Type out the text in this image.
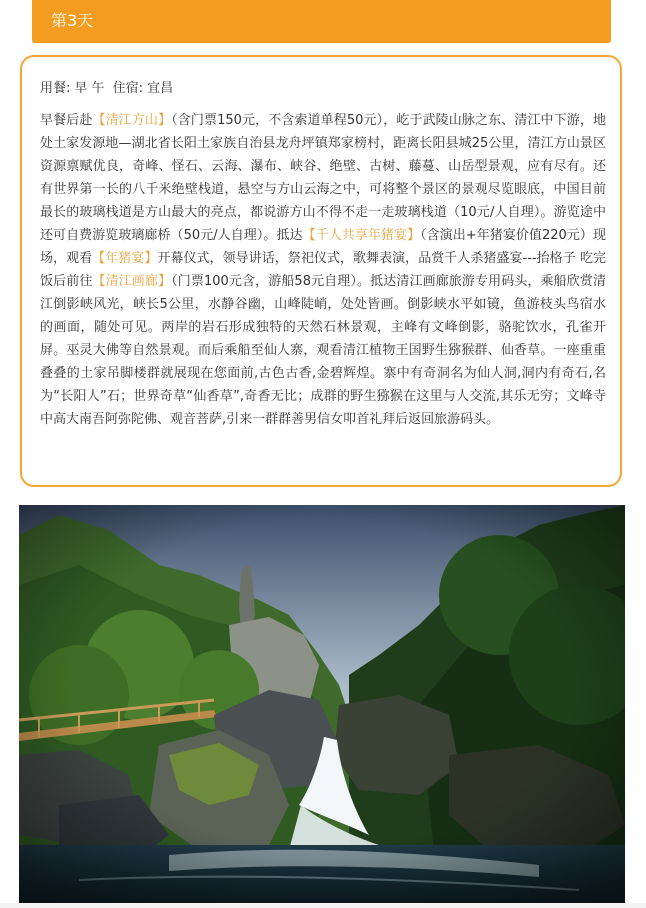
第3天
用餐: 早 午 住宿: 宜昌
早餐后赴【清江方山】（含门票150元，不含索道单程50元），屹于武陵山脉之东、清江中下游，地处土家发源地—湖北省长阳土家族自治县龙舟坪镇郑家榜村，距离长阳县城25公里，清江方山景区资源禀赋优良，奇峰、怪石、云海、瀑布、峡谷、绝壁、古树、藤蔓、山岳型景观，应有尽有。还有世界第一长的八千米绝壁栈道，悬空与方山云海之中，可将整个景区的景观尽览眼底，中国目前最长的玻璃栈道是方山最大的亮点，都说游方山不得不走一走玻璃栈道（10元/人自理）。游览途中还可自费游览玻璃廊桥（50元/人自理）。抵达【千人共享年猪宴】（含演出+年猪宴价值220元）现场，观看【年猪宴】开幕仪式，领导讲话，祭祀仪式，歌舞表演，品赏千人杀猪盛宴---抬格子 吃完饭后前往【清江画廊】（门票100元含，游船58元自理）。抵达清江画廊旅游专用码头，乘船欣赏清江倒影峡风光，峡长5公里，水静谷幽，山峰陡峭，处处皆画。倒影峡水平如镜，鱼游枝头鸟宿水的画面，随处可见。两岸的岩石形成独特的天然石林景观，主峰有文峰倒影，骆驼饮水，孔雀开屏。巫灵大佛等自然景观。而后乘船至仙人寨，观看清江植物王国野生猕猴群、仙香草。一座重重叠叠的土家吊脚楼群就展现在您面前,古色古香,金碧辉煌。寨中有奇洞名为仙人洞,洞内有奇石,名为“长阳人”石；世界奇草“仙香草”,奇香无比；成群的野生猕猴在这里与人交流,其乐无穷；文峰寺中高大南吾阿弥陀佛、观音菩萨,引来一群群善男信女叩首礼拜后返回旅游码头。
